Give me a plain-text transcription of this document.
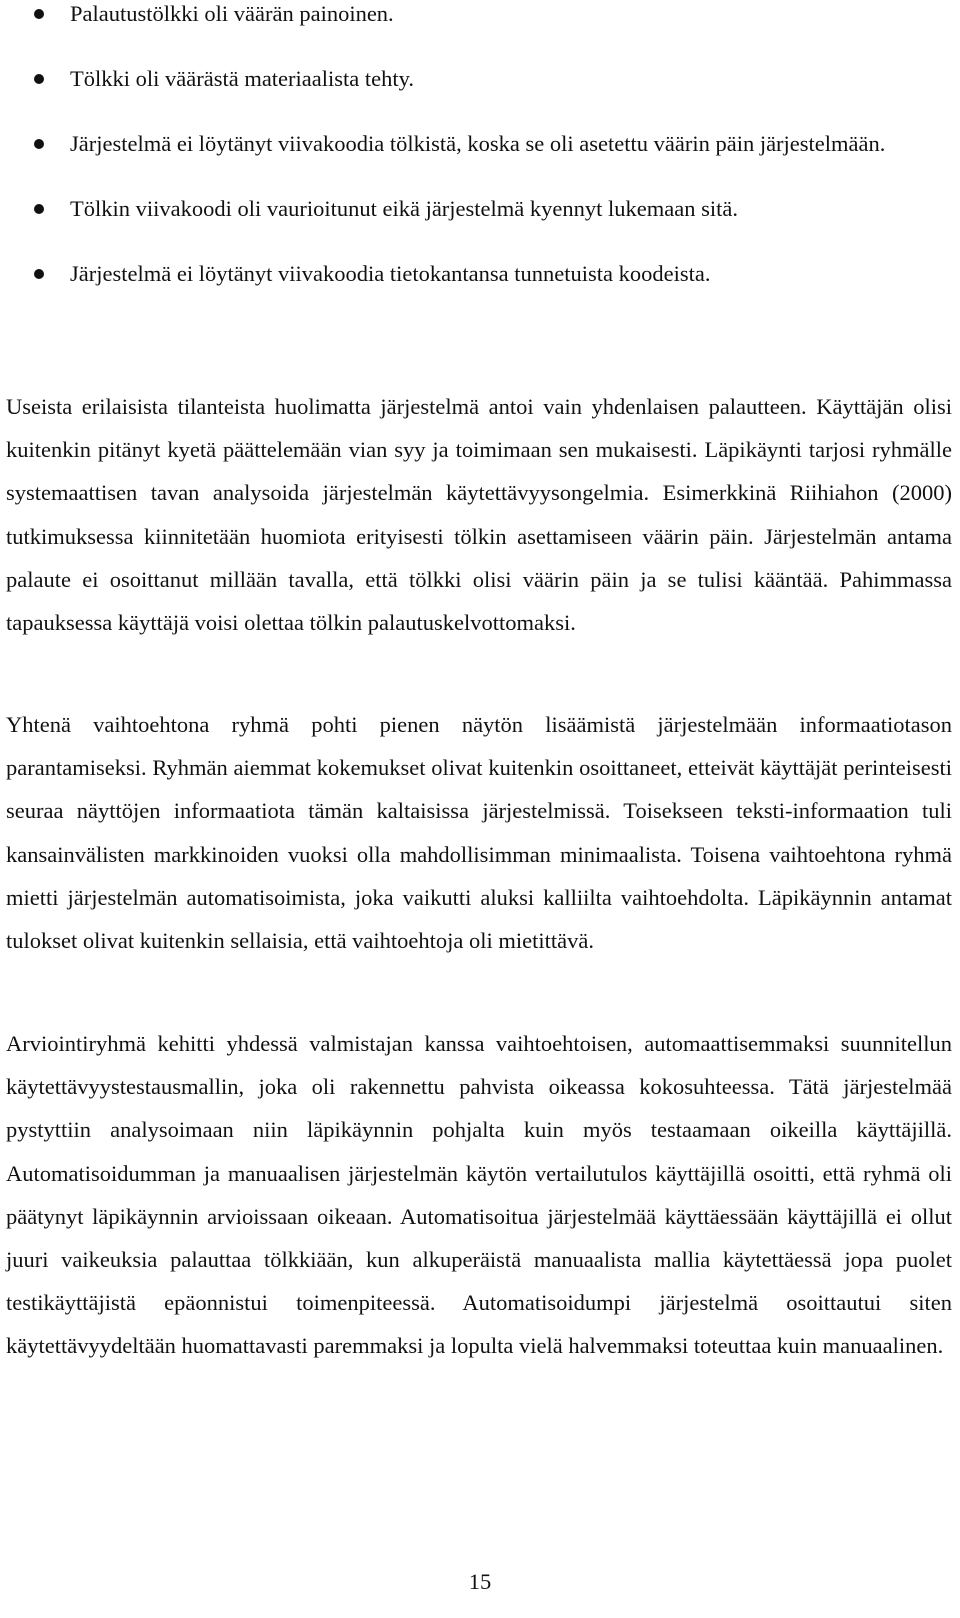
Palautustölkki oli väärän painoinen.
Tölkki oli väärästä materiaalista tehty.
Järjestelmä ei löytänyt viivakoodia tölkistä, koska se oli asetettu väärin päin järjestelmään.
Tölkin viivakoodi oli vaurioitunut eikä järjestelmä kyennyt lukemaan sitä.
Järjestelmä ei löytänyt viivakoodia tietokantansa tunnetuista koodeista.

Useista erilaisista tilanteista huolimatta järjestelmä antoi vain yhdenlaisen palautteen. Käyttäjän olisi kuitenkin pitänyt kyetä päättelemään vian syy ja toimimaan sen mukaisesti. Läpikäynti tarjosi ryhmälle systemaattisen tavan analysoida järjestelmän käytettävyysongelmia. Esimerkkinä Riihiahon (2000) tutkimuksessa kiinnitetään huomiota erityisesti tölkin asettamiseen väärin päin. Järjestelmän antama palaute ei osoittanut millään tavalla, että tölkki olisi väärin päin ja se tulisi kääntää. Pahimmassa tapauksessa käyttäjä voisi olettaa tölkin palautuskelvottomaksi.

Yhtenä vaihtoehtona ryhmä pohti pienen näytön lisäämistä järjestelmään informaatiotason parantamiseksi. Ryhmän aiemmat kokemukset olivat kuitenkin osoittaneet, etteivät käyttäjät perinteisesti seuraa näyttöjen informaatiota tämän kaltaisissa järjestelmissä. Toisekseen teksti-informaation tuli kansainvälisten markkinoiden vuoksi olla mahdollisimman minimaalista. Toisena vaihtoehtona ryhmä mietti järjestelmän automatisoimista, joka vaikutti aluksi kalliilta vaihtoehdolta. Läpikäynnin antamat tulokset olivat kuitenkin sellaisia, että vaihtoehtoja oli mietittävä.

Arviointiryhmä kehitti yhdessä valmistajan kanssa vaihtoehtoisen, automaattisemmaksi suunnitellun käytettävyystestausmallin, joka oli rakennettu pahvista oikeassa kokosuhteessa. Tätä järjestelmää pystyttiin analysoimaan niin läpikäynnin pohjalta kuin myös testaamaan oikeilla käyttäjillä. Automatisoidumman ja manuaalisen järjestelmän käytön vertailutulos käyttäjillä osoitti, että ryhmä oli päätynyt läpikäynnin arvioissaan oikeaan. Automatisoitua järjestelmää käyttäessään käyttäjillä ei ollut juuri vaikeuksia palauttaa tölkkiään, kun alkuperäistä manuaalista mallia käytettäessä jopa puolet testikäyttäjistä epäonnistui toimenpiteessä. Automatisoidumpi järjestelmä osoittautui siten käytettävyydeltään huomattavasti paremmaksi ja lopulta vielä halvemmaksi toteuttaa kuin manuaalinen.

15
